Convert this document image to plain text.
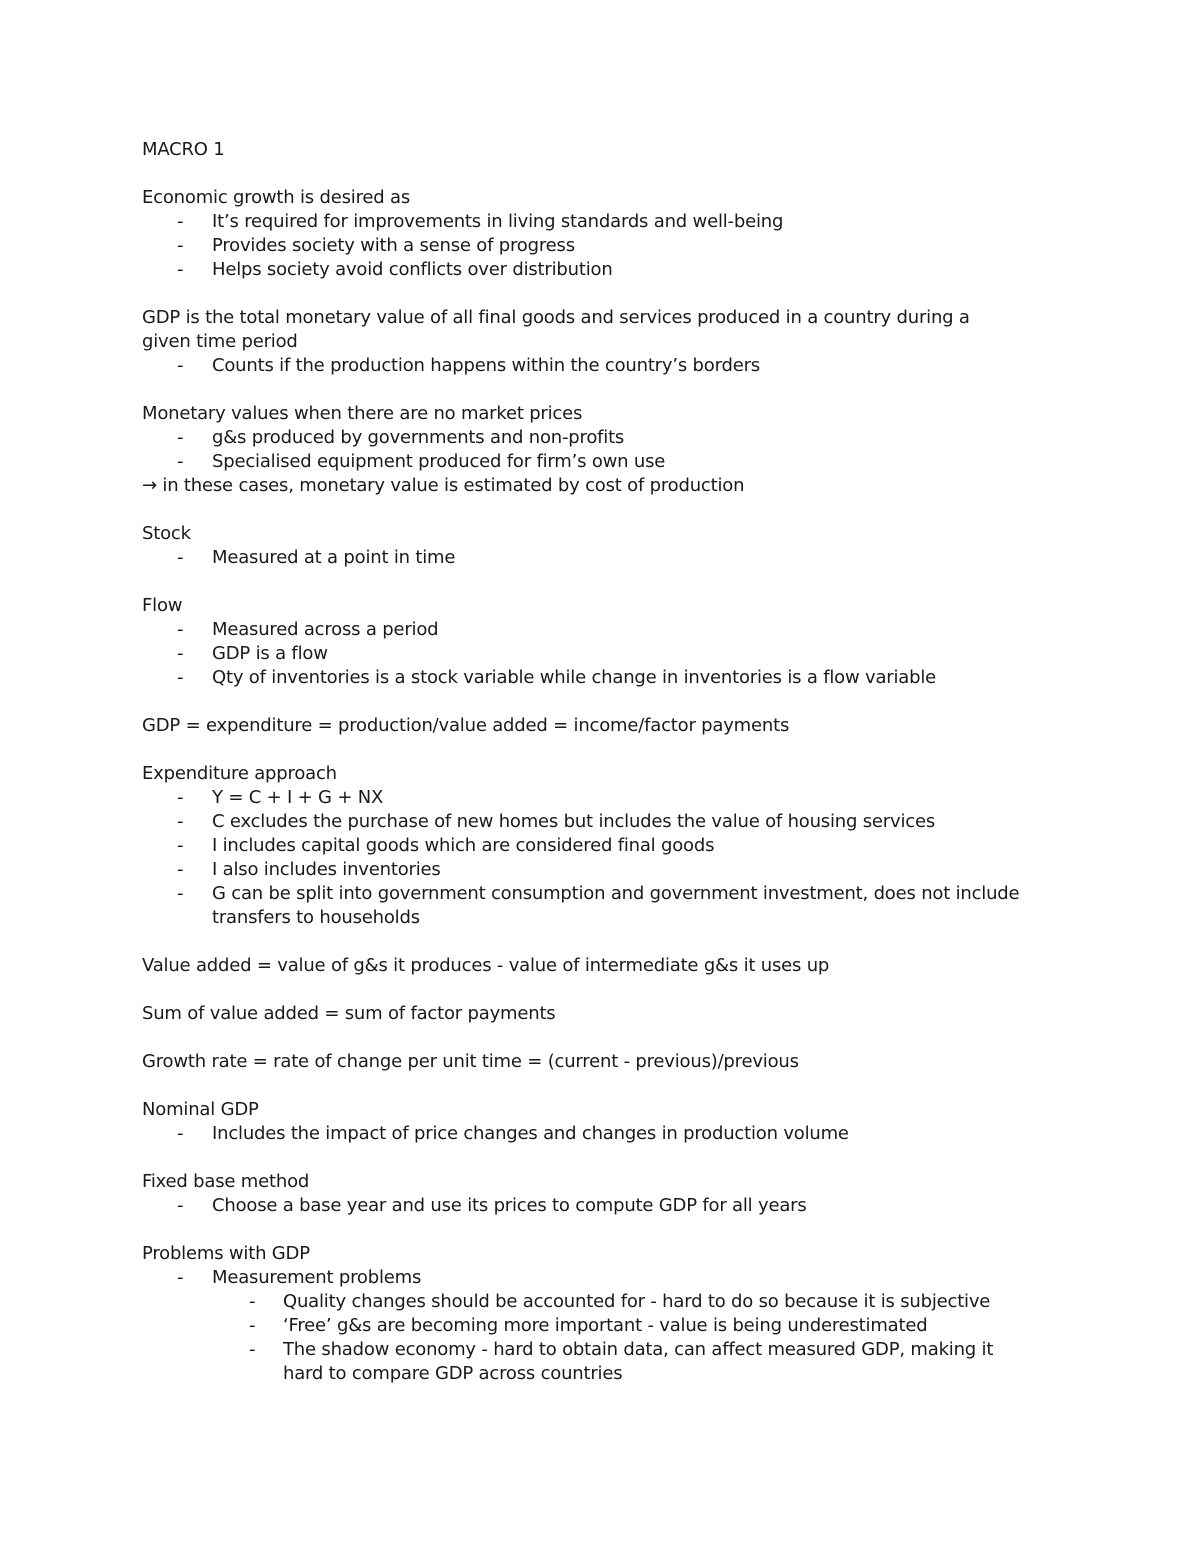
MACRO 1
Economic growth is desired as
- It’s required for improvements in living standards and well-being
- Provides society with a sense of progress
- Helps society avoid conflicts over distribution
GDP is the total monetary value of all final goods and services produced in a country during a
given time period
- Counts if the production happens within the country’s borders
Monetary values when there are no market prices
- g&s produced by governments and non-profits
- Specialised equipment produced for firm’s own use
→ in these cases, monetary value is estimated by cost of production
Stock
- Measured at a point in time
Flow
- Measured across a period
- GDP is a flow
- Qty of inventories is a stock variable while change in inventories is a flow variable
GDP = expenditure = production/value added = income/factor payments
Expenditure approach
- Y = C + I + G + NX
- C excludes the purchase of new homes but includes the value of housing services
- I includes capital goods which are considered final goods
- I also includes inventories
- G can be split into government consumption and government investment, does not include
transfers to households
Value added = value of g&s it produces - value of intermediate g&s it uses up
Sum of value added = sum of factor payments
Growth rate = rate of change per unit time = (current - previous)/previous
Nominal GDP
- Includes the impact of price changes and changes in production volume
Fixed base method
- Choose a base year and use its prices to compute GDP for all years
Problems with GDP
- Measurement problems
- Quality changes should be accounted for - hard to do so because it is subjective
- ‘Free’ g&s are becoming more important - value is being underestimated
- The shadow economy - hard to obtain data, can affect measured GDP, making it
hard to compare GDP across countries
